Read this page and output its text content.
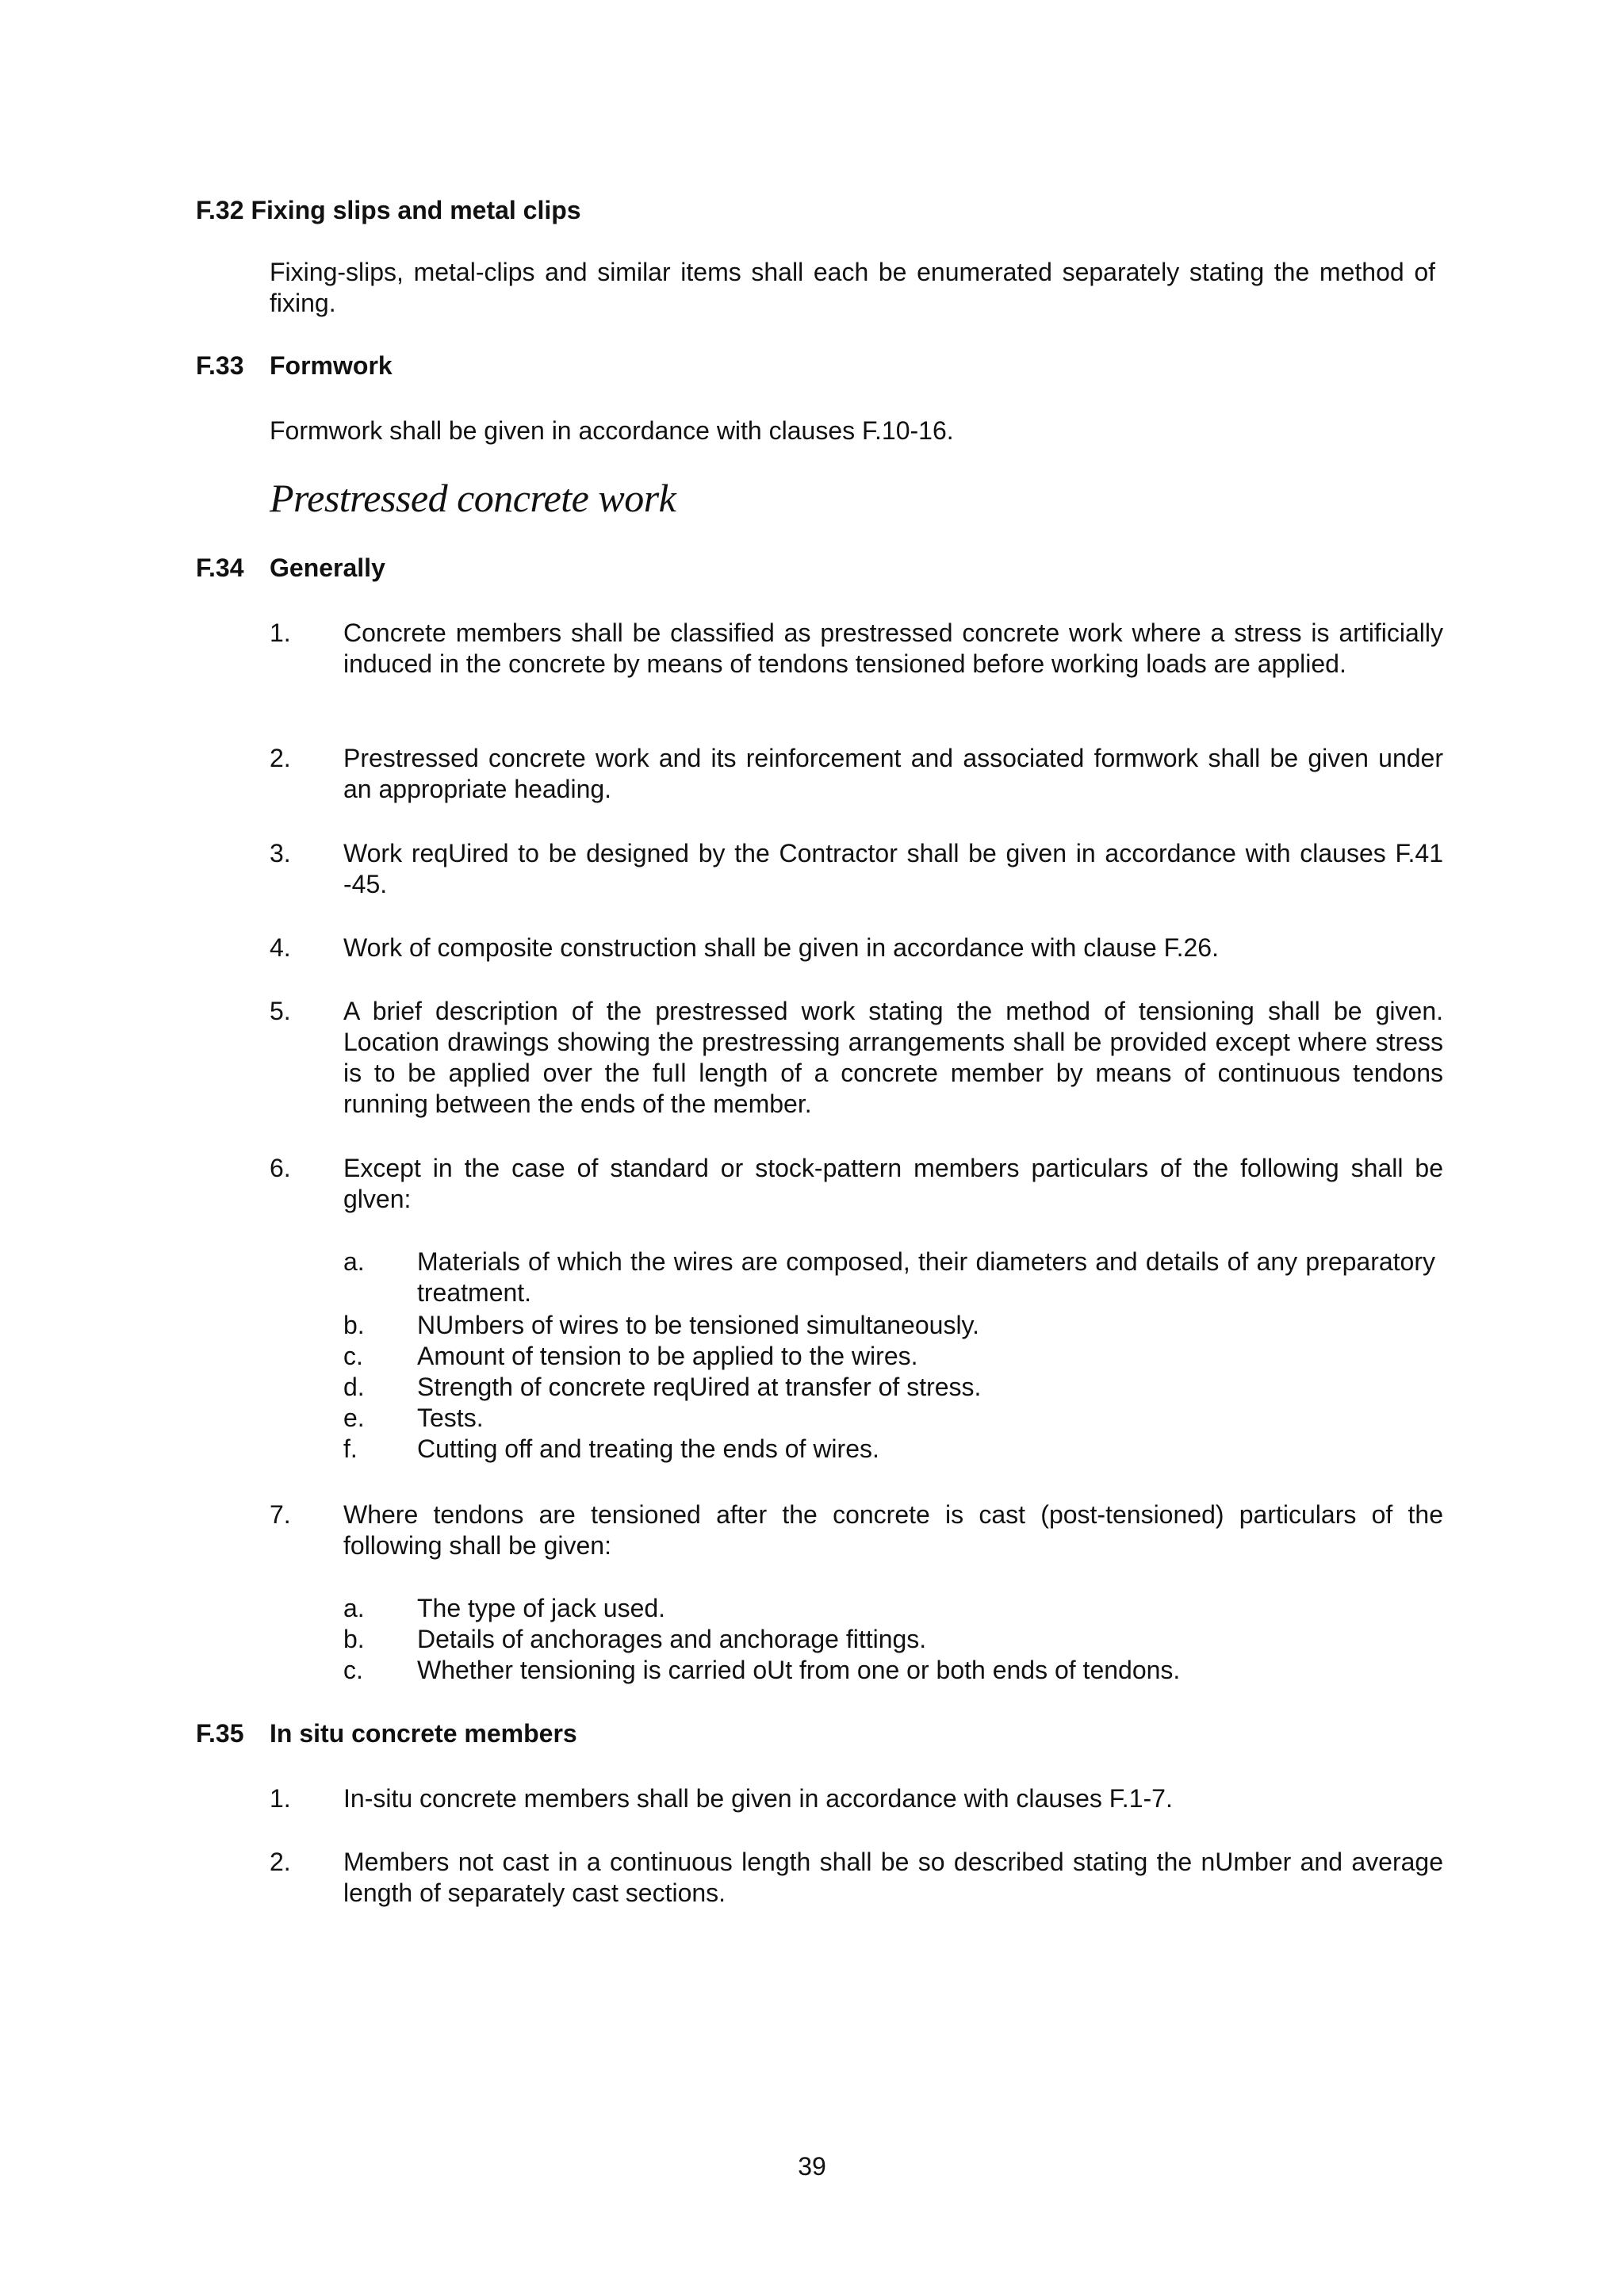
F.32 Fixing slips and metal clips
Fixing-slips, metal-clips and similar items shall each be enumerated separately stating the method of fixing.
F.33 Formwork
Formwork shall be given in accordance with clauses F.10-16.
Prestressed concrete work
F.34 Generally
1. Concrete members shall be classified as prestressed concrete work where a stress is artificially induced in the concrete by means of tendons tensioned before working loads are applied.
2. Prestressed concrete work and its reinforcement and associated formwork shall be given under an appropriate heading.
3. Work reqUired to be designed by the Contractor shall be given in accordance with clauses F.41 -45.
4. Work of composite construction shall be given in accordance with clause F.26.
5. A brief description of the prestressed work stating the method of tensioning shall be given. Location drawings showing the prestressing arrangements shall be provided except where stress is to be applied over the fuIl length of a concrete member by means of continuous tendons running between the ends of the member.
6. Except in the case of standard or stock-pattern members particulars of the following shall be glven:
a. Materials of which the wires are composed, their diameters and details of any preparatory treatment.
b. NUmbers of wires to be tensioned simultaneously.
c. Amount of tension to be applied to the wires.
d. Strength of concrete reqUired at transfer of stress.
e. Tests.
f. Cutting off and treating the ends of wires.
7. Where tendons are tensioned after the concrete is cast (post-tensioned) particulars of the following shall be given:
a. The type of jack used.
b. Details of anchorages and anchorage fittings.
c. Whether tensioning is carried oUt from one or both ends of tendons.
F.35 In situ concrete members
1. In-situ concrete members shall be given in accordance with clauses F.1-7.
2. Members not cast in a continuous length shall be so described stating the nUmber and average length of separately cast sections.
39
